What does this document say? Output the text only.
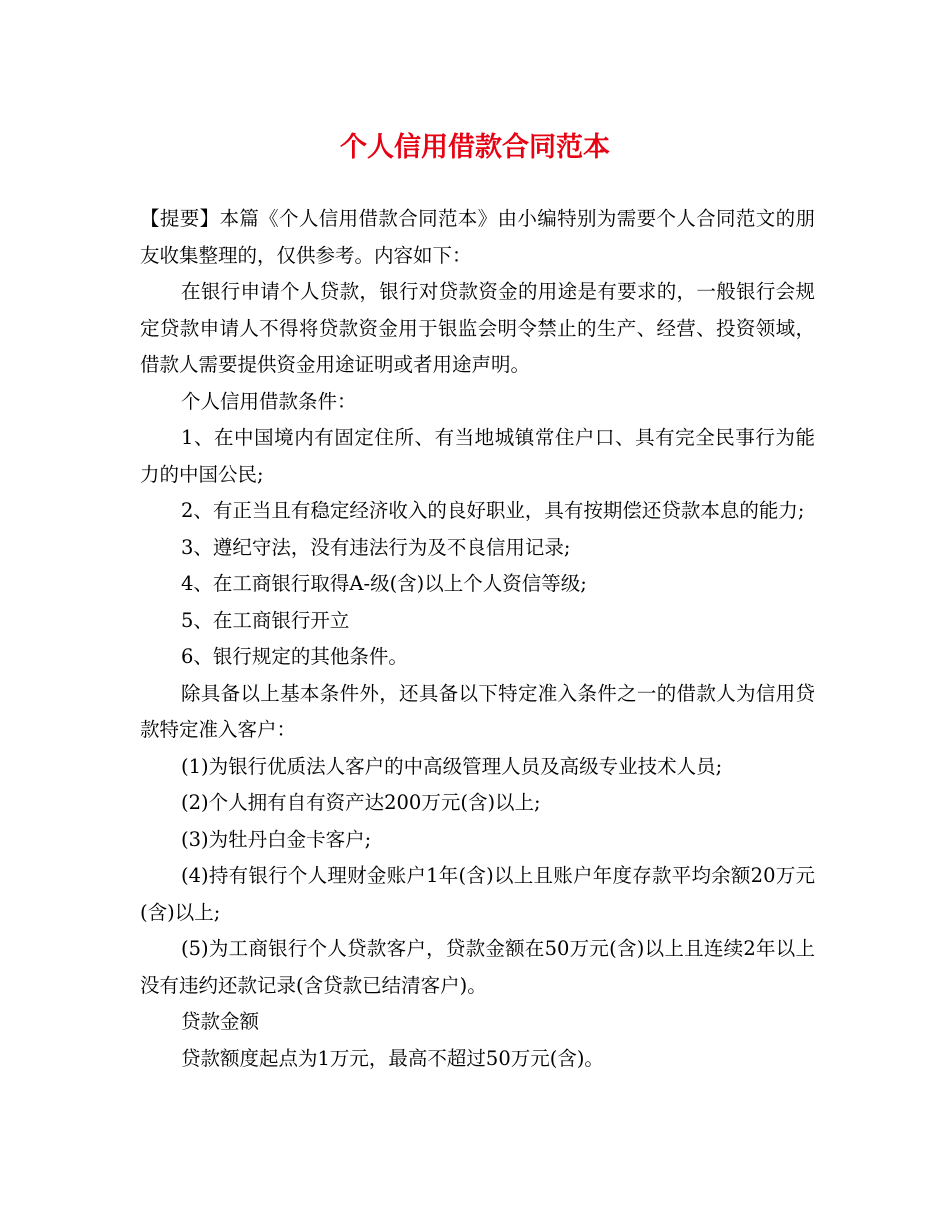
个人信用借款合同范本

【提要】本篇《个人信用借款合同范本》由小编特别为需要个人合同范文的朋友收集整理的，仅供参考。内容如下：

在银行申请个人贷款，银行对贷款资金的用途是有要求的，一般银行会规定贷款申请人不得将贷款资金用于银监会明令禁止的生产、经营、投资领域，借款人需要提供资金用途证明或者用途声明。

个人信用借款条件：

1、在中国境内有固定住所、有当地城镇常住户口、具有完全民事行为能力的中国公民;

2、有正当且有稳定经济收入的良好职业，具有按期偿还贷款本息的能力;

3、遵纪守法，没有违法行为及不良信用记录;

4、在工商银行取得A-级(含)以上个人资信等级;

5、在工商银行开立

6、银行规定的其他条件。

除具备以上基本条件外，还具备以下特定准入条件之一的借款人为信用贷款特定准入客户：

(1)为银行优质法人客户的中高级管理人员及高级专业技术人员;

(2)个人拥有自有资产达200万元(含)以上;

(3)为牡丹白金卡客户;

(4)持有银行个人理财金账户1年(含)以上且账户年度存款平均余额20万元(含)以上;

(5)为工商银行个人贷款客户，贷款金额在50万元(含)以上且连续2年以上没有违约还款记录(含贷款已结清客户)。

贷款金额

贷款额度起点为1万元，最高不超过50万元(含)。
